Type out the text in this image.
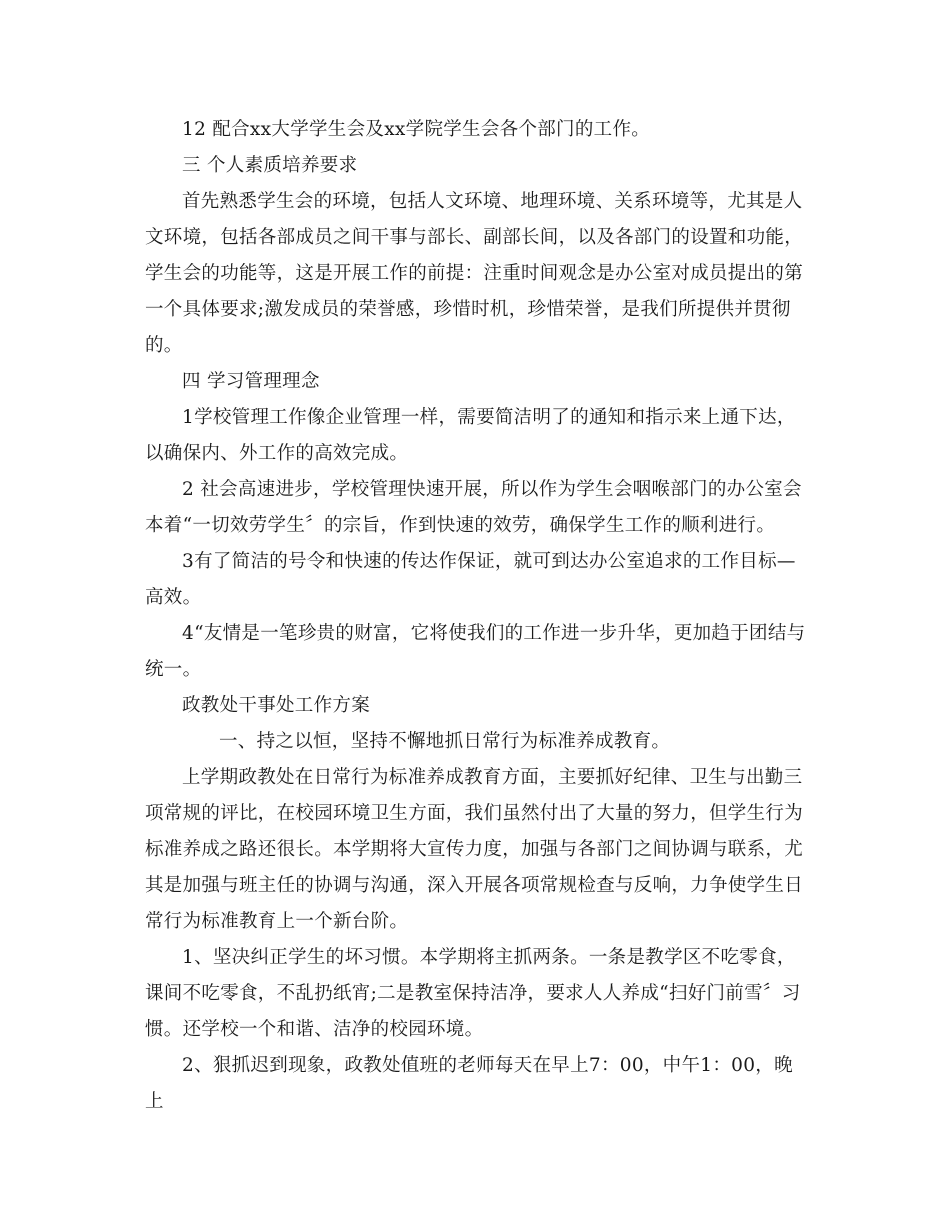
12 配合xx大学学生会及xx学院学生会各个部门的工作。

三 个人素质培养要求

首先熟悉学生会的环境，包括人文环境、地理环境、关系环境等，尤其是人文环境，包括各部成员之间干事与部长、副部长间，以及各部门的设置和功能，学生会的功能等，这是开展工作的前提：注重时间观念是办公室对成员提出的第一个具体要求;激发成员的荣誉感，珍惜时机，珍惜荣誉，是我们所提供并贯彻的。

四 学习管理理念

1学校管理工作像企业管理一样，需要简洁明了的通知和指示来上通下达，以确保内、外工作的高效完成。

2 社会高速进步，学校管理快速开展，所以作为学生会咽喉部门的办公室会本着“一切效劳学生〞的宗旨，作到快速的效劳，确保学生工作的顺利进行。

3有了简洁的号令和快速的传达作保证，就可到达办公室追求的工作目标—高效。

4“友情是一笔珍贵的财富，它将使我们的工作进一步升华，更加趋于团结与统一。

政教处干事处工作方案

一、持之以恒，坚持不懈地抓日常行为标准养成教育。

上学期政教处在日常行为标准养成教育方面，主要抓好纪律、卫生与出勤三项常规的评比，在校园环境卫生方面，我们虽然付出了大量的努力，但学生行为标准养成之路还很长。本学期将大宣传力度，加强与各部门之间协调与联系，尤其是加强与班主任的协调与沟通，深入开展各项常规检查与反响，力争使学生日常行为标准教育上一个新台阶。

1、坚决纠正学生的坏习惯。本学期将主抓两条。一条是教学区不吃零食，课间不吃零食，不乱扔纸宵;二是教室保持洁净，要求人人养成“扫好门前雪〞习惯。还学校一个和谐、洁净的校园环境。

2、狠抓迟到现象，政教处值班的老师每天在早上7：00，中午1：00，晚上
